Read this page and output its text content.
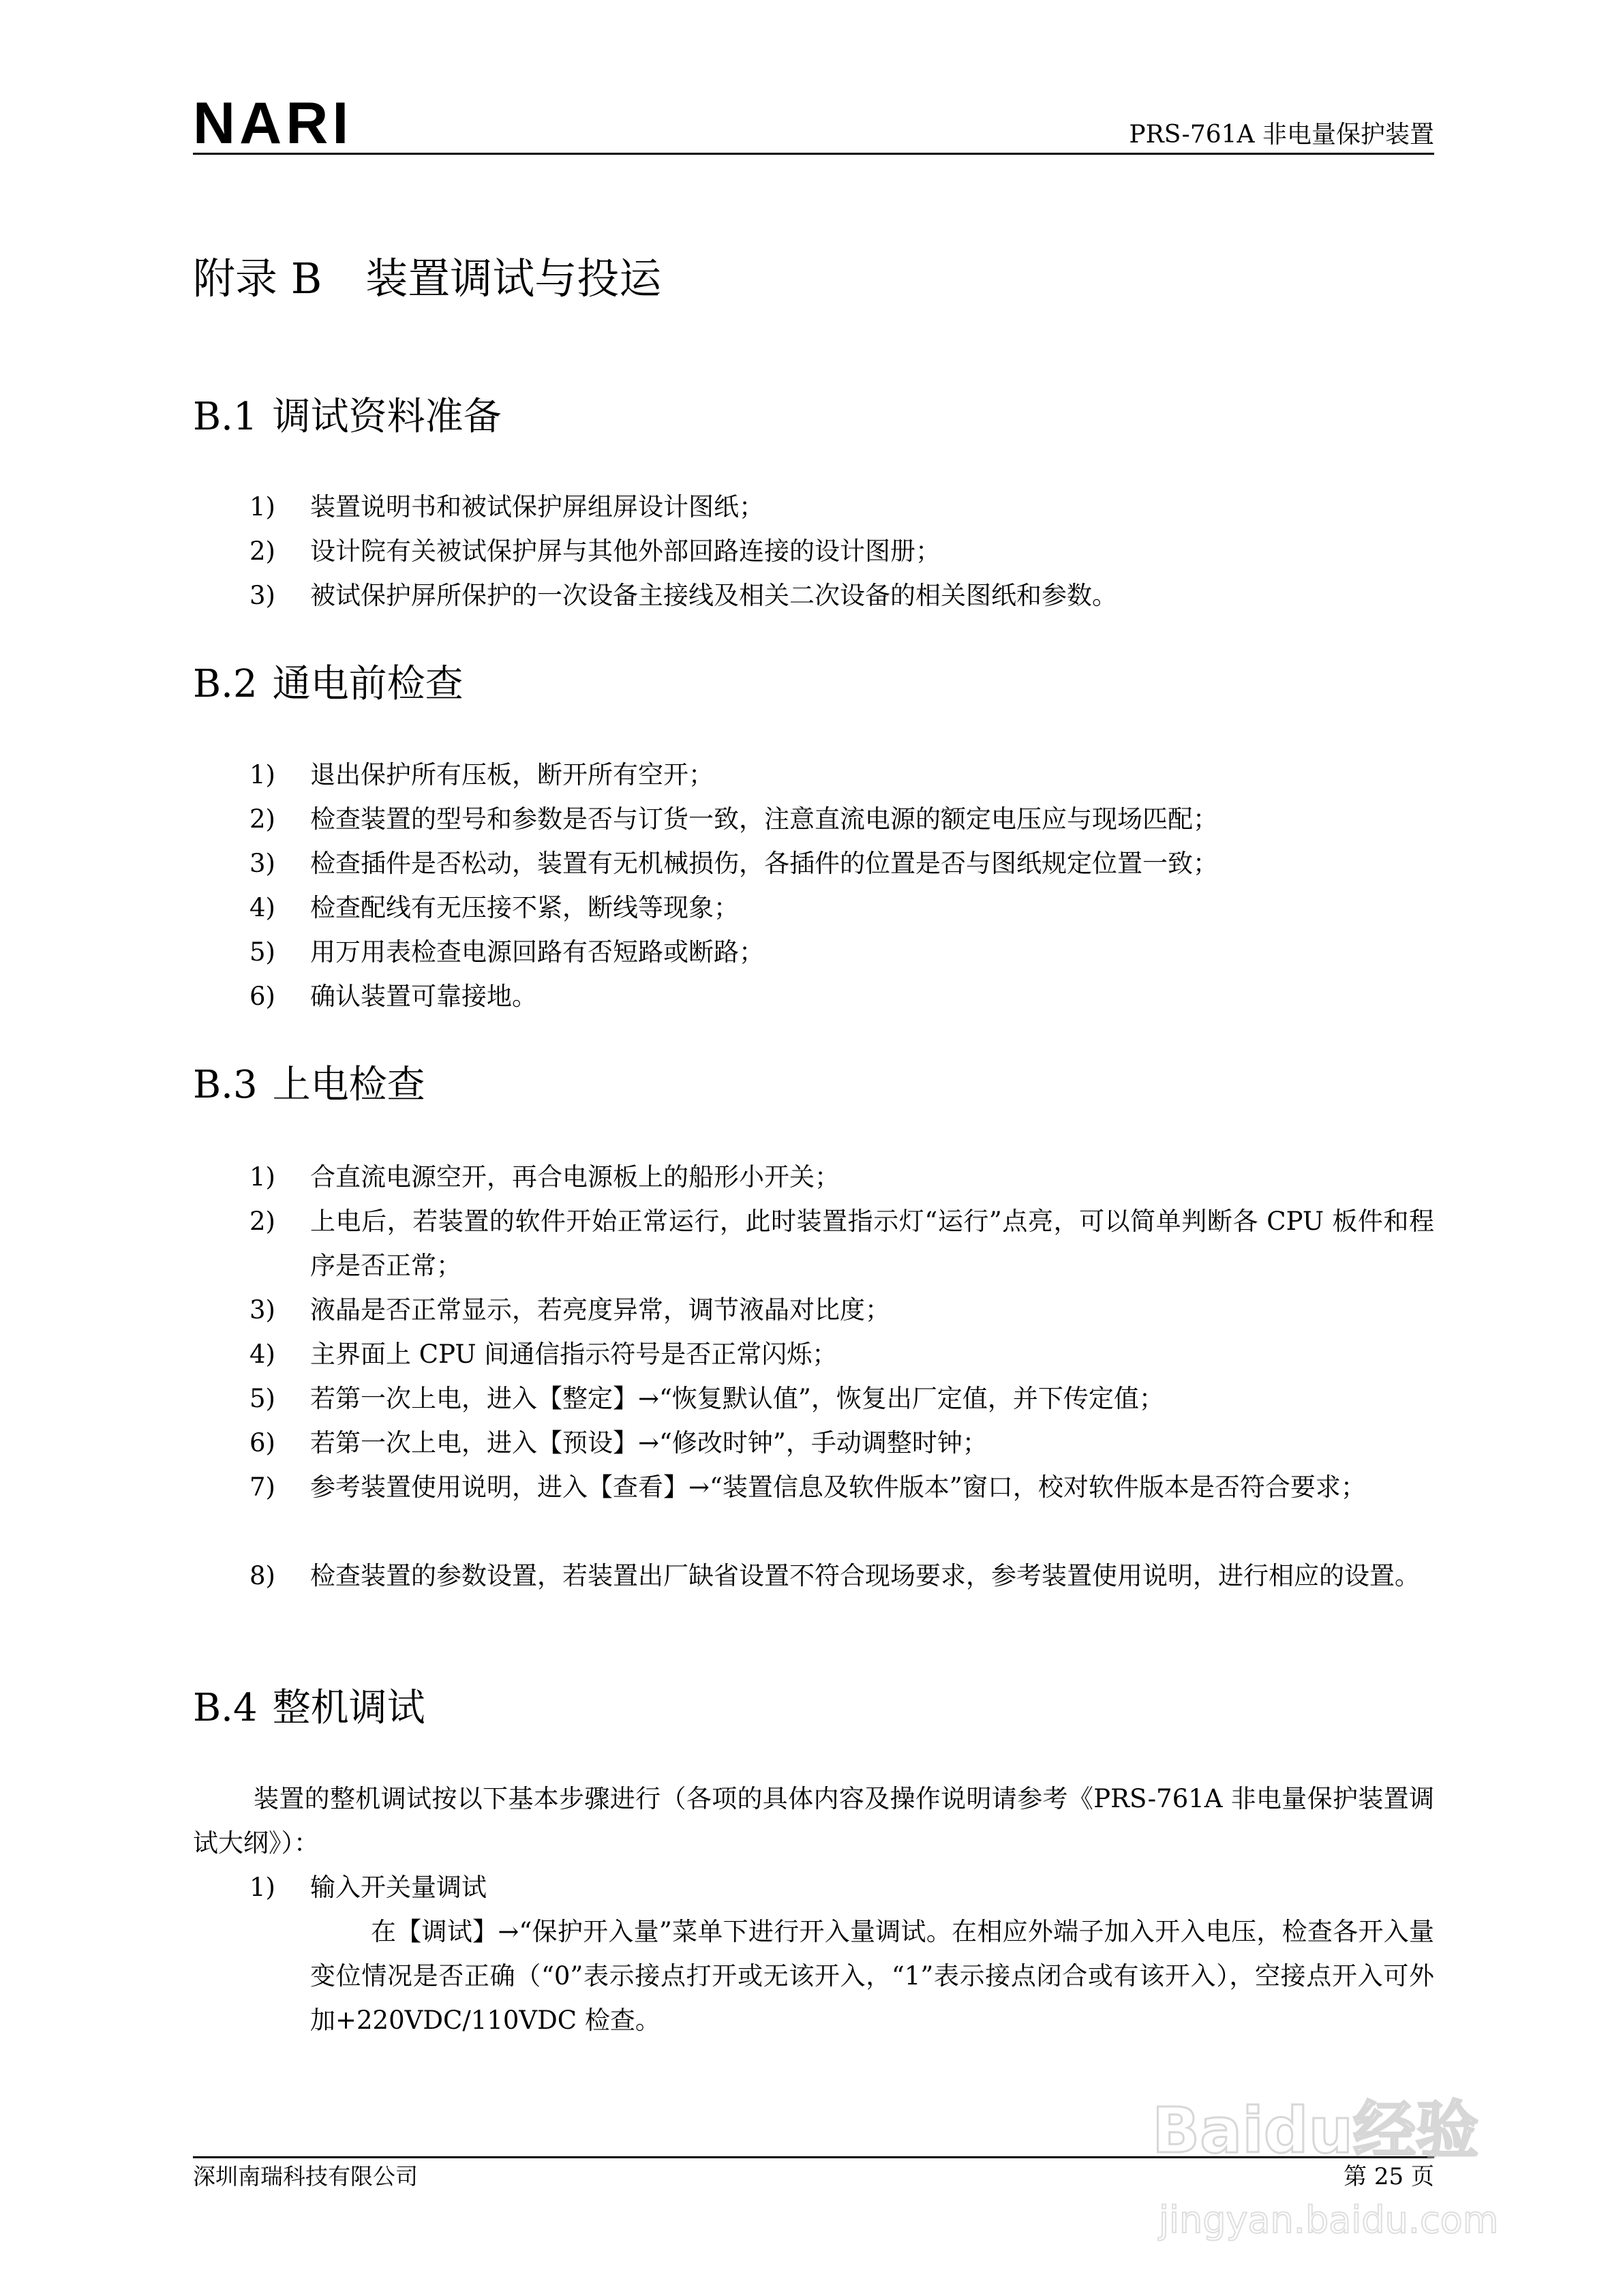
NARI	PRS-761A 非电量保护装置
附录 B 装置调试与投运
B.1 调试资料准备
1) 装置说明书和被试保护屏组屏设计图纸；
2) 设计院有关被试保护屏与其他外部回路连接的设计图册；
3) 被试保护屏所保护的一次设备主接线及相关二次设备的相关图纸和参数。
B.2 通电前检查
1) 退出保护所有压板，断开所有空开；
2) 检查装置的型号和参数是否与订货一致，注意直流电源的额定电压应与现场匹配；
3) 检查插件是否松动，装置有无机械损伤，各插件的位置是否与图纸规定位置一致；
4) 检查配线有无压接不紧，断线等现象；
5) 用万用表检查电源回路有否短路或断路；
6) 确认装置可靠接地。
B.3 上电检查
1) 合直流电源空开，再合电源板上的船形小开关；
2) 上电后，若装置的软件开始正常运行，此时装置指示灯“运行”点亮，可以简单判断各 CPU 板件和程序是否正常；
3) 液晶是否正常显示，若亮度异常，调节液晶对比度；
4) 主界面上 CPU 间通信指示符号是否正常闪烁；
5) 若第一次上电，进入【整定】→“恢复默认值”，恢复出厂定值，并下传定值；
6) 若第一次上电，进入【预设】→“修改时钟”，手动调整时钟；
7) 参考装置使用说明，进入【查看】→“装置信息及软件版本”窗口，校对软件版本是否符合要求；
8) 检查装置的参数设置，若装置出厂缺省设置不符合现场要求，参考装置使用说明，进行相应的设置。
B.4 整机调试
装置的整机调试按以下基本步骤进行（各项的具体内容及操作说明请参考《PRS-761A 非电量保护装置调试大纲》）：
1) 输入开关量调试
在【调试】→“保护开入量”菜单下进行开入量调试。在相应外端子加入开入电压，检查各开入量变位情况是否正确（“0”表示接点打开或无该开入，“1”表示接点闭合或有该开入），空接点开入可外加+220VDC/110VDC 检查。
深圳南瑞科技有限公司	第 25 页
Baidu经验
jingyan.baidu.com
